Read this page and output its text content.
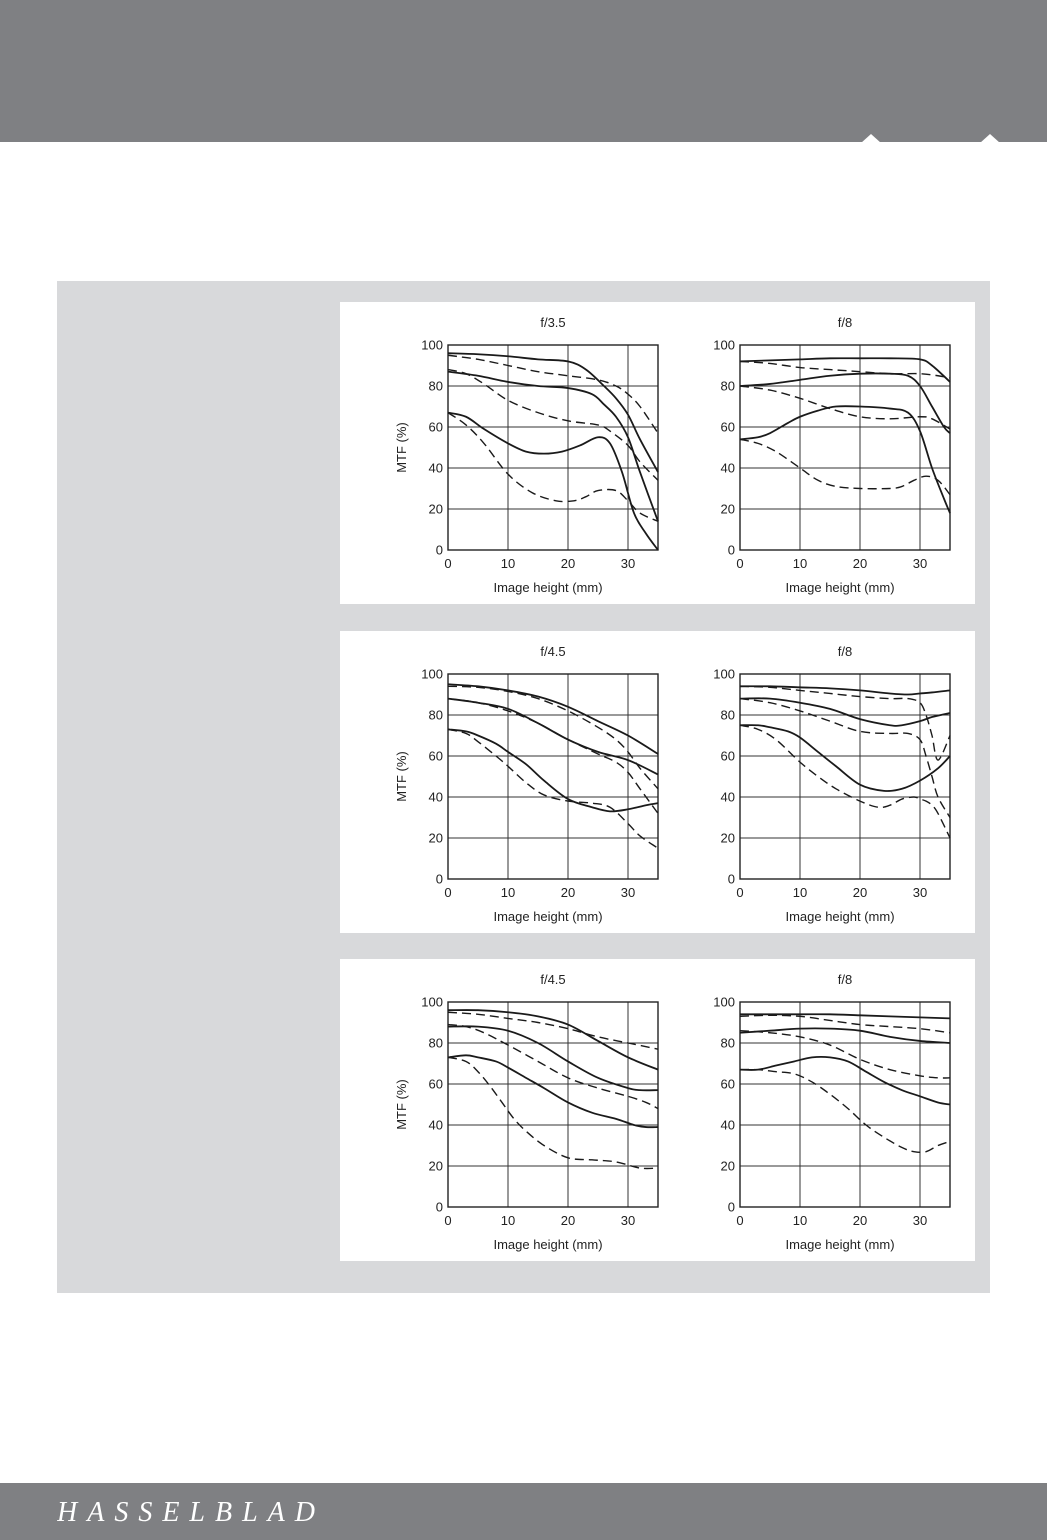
0
20
40
60
80
100
0	10	20	30
f/3.5
Image height (mm)
MTF (%)
0
20
40
60
80
100
0	10	20	30
f/8
Image height (mm)
0
20
40
60
80
100
0	10	20	30
f/4.5
Image height (mm)
MTF (%)
0
20
40
60
80
100
0	10	20	30
f/8
Image height (mm)
0
20
40
60
80
100
0	10	20	30
f/4.5
Image height (mm)
MTF (%)
0
20
40
60
80
100
0	10	20	30
f/8
Image height (mm)
HASSELBLAD
